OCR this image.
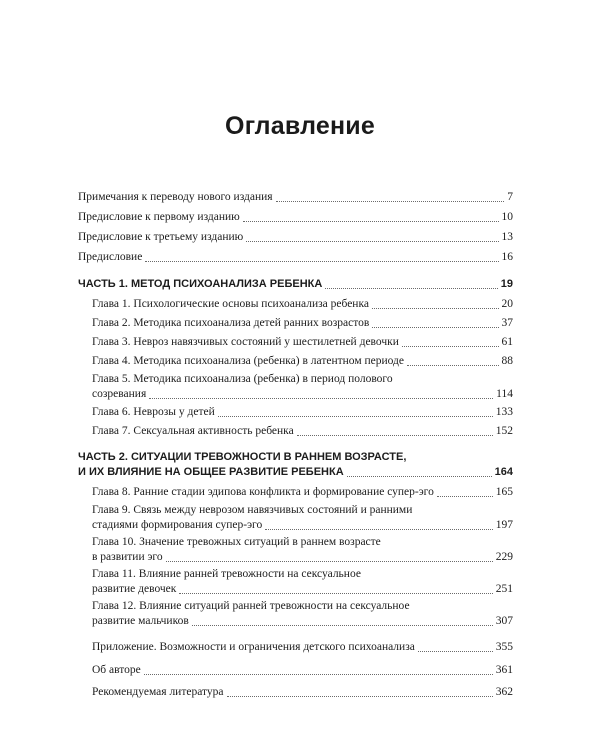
Оглавление
Примечания к переводу нового издания	7
Предисловие к первому изданию	10
Предисловие к третьему изданию	13
Предисловие	16
ЧАСТЬ 1. МЕТОД ПСИХОАНАЛИЗА РЕБЕНКА	19
Глава 1. Психологические основы психоанализа ребенка	20
Глава 2. Методика психоанализа детей ранних возрастов	37
Глава 3. Невроз навязчивых состояний у шестилетней девочки	61
Глава 4. Методика психоанализа (ребенка) в латентном периоде	88
Глава 5. Методика психоанализа (ребенка) в период полового
созревания	114
Глава 6. Неврозы у детей	133
Глава 7. Сексуальная активность ребенка	152
ЧАСТЬ 2. СИТУАЦИИ ТРЕВОЖНОСТИ В РАННЕМ ВОЗРАСТЕ,
И ИХ ВЛИЯНИЕ НА ОБЩЕЕ РАЗВИТИЕ РЕБЕНКА	164
Глава 8. Ранние стадии эдипова конфликта и формирование супер-эго	165
Глава 9. Связь между неврозом навязчивых состояний и ранними
стадиями формирования супер-эго	197
Глава 10. Значение тревожных ситуаций в раннем возрасте
в развитии эго	229
Глава 11. Влияние ранней тревожности на сексуальное
развитие девочек	251
Глава 12. Влияние ситуаций ранней тревожности на сексуальное
развитие мальчиков	307
Приложение. Возможности и ограничения детского психоанализа	355
Об авторе	361
Рекомендуемая литература	362
